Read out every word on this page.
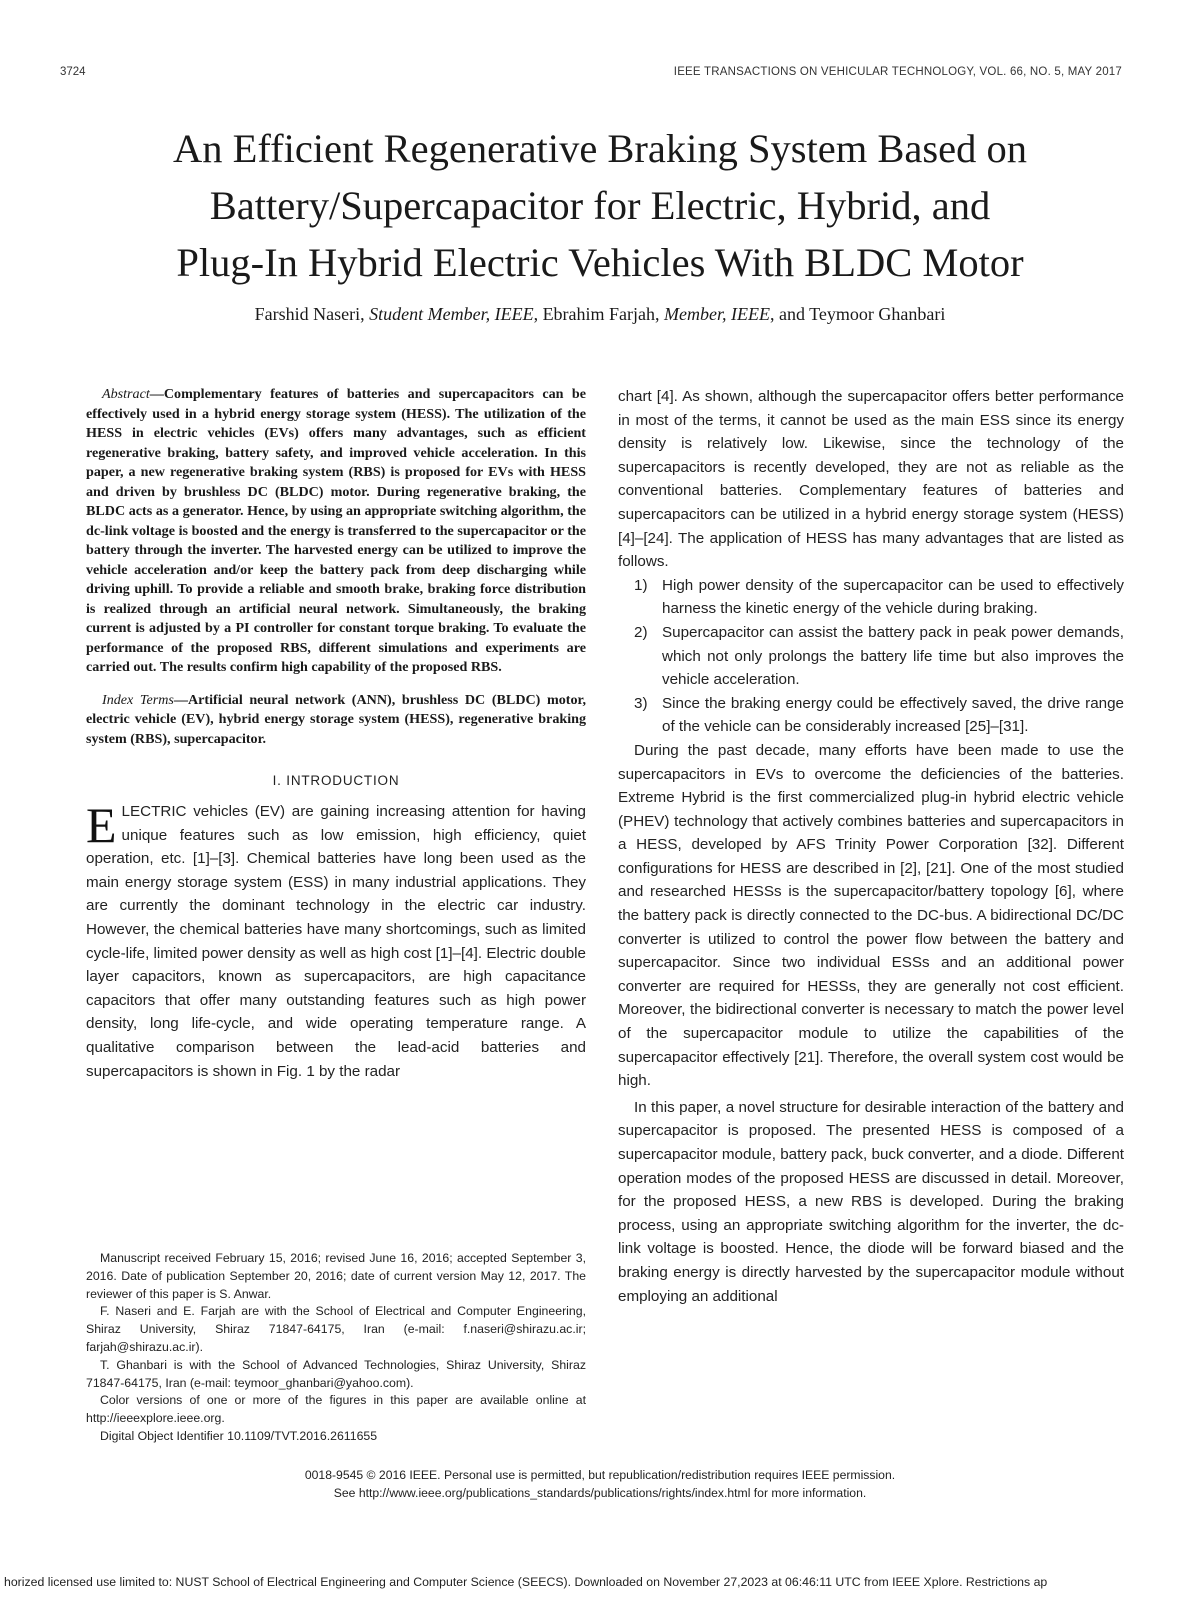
3724	IEEE TRANSACTIONS ON VEHICULAR TECHNOLOGY, VOL. 66, NO. 5, MAY 2017
An Efficient Regenerative Braking System Based on
Battery/Supercapacitor for Electric, Hybrid, and
Plug-In Hybrid Electric Vehicles With BLDC Motor
Farshid Naseri, Student Member, IEEE, Ebrahim Farjah, Member, IEEE, and Teymoor Ghanbari

Abstract—Complementary features of batteries and supercapacitors can be effectively used in a hybrid energy storage system (HESS). The utilization of the HESS in electric vehicles (EVs) offers many advantages, such as efficient regenerative braking, battery safety, and improved vehicle acceleration. In this paper, a new regenerative braking system (RBS) is proposed for EVs with HESS and driven by brushless DC (BLDC) motor. During regenerative braking, the BLDC acts as a generator. Hence, by using an appropriate switching algorithm, the dc-link voltage is boosted and the energy is transferred to the supercapacitor or the battery through the inverter. The harvested energy can be utilized to improve the vehicle acceleration and/or keep the battery pack from deep discharging while driving uphill. To provide a reliable and smooth brake, braking force distribution is realized through an artificial neural network. Simultaneously, the braking current is adjusted by a PI controller for constant torque braking. To evaluate the performance of the proposed RBS, different simulations and experiments are carried out. The results confirm high capability of the proposed RBS.

Index Terms—Artificial neural network (ANN), brushless DC (BLDC) motor, electric vehicle (EV), hybrid energy storage system (HESS), regenerative braking system (RBS), supercapacitor.

I. INTRODUCTION

ELECTRIC vehicles (EV) are gaining increasing attention for having unique features such as low emission, high efficiency, quiet operation, etc. [1]–[3]. Chemical batteries have long been used as the main energy storage system (ESS) in many industrial applications. They are currently the dominant technology in the electric car industry. However, the chemical batteries have many shortcomings, such as limited cycle-life, limited power density as well as high cost [1]–[4]. Electric double layer capacitors, known as supercapacitors, are high capacitance capacitors that offer many outstanding features such as high power density, long life-cycle, and wide operating temperature range. A qualitative comparison between the lead-acid batteries and supercapacitors is shown in Fig. 1 by the radar

Manuscript received February 15, 2016; revised June 16, 2016; accepted September 3, 2016. Date of publication September 20, 2016; date of current version May 12, 2017. The reviewer of this paper is S. Anwar.

F. Naseri and E. Farjah are with the School of Electrical and Computer Engineering, Shiraz University, Shiraz 71847-64175, Iran (e-mail: f.naseri@shirazu.ac.ir; farjah@shirazu.ac.ir).

T. Ghanbari is with the School of Advanced Technologies, Shiraz University, Shiraz 71847-64175, Iran (e-mail: teymoor_ghanbari@yahoo.com).

Color versions of one or more of the figures in this paper are available online at http://ieeexplore.ieee.org.

Digital Object Identifier 10.1109/TVT.2016.2611655

chart [4]. As shown, although the supercapacitor offers better performance in most of the terms, it cannot be used as the main ESS since its energy density is relatively low. Likewise, since the technology of the supercapacitors is recently developed, they are not as reliable as the conventional batteries. Complementary features of batteries and supercapacitors can be utilized in a hybrid energy storage system (HESS) [4]–[24]. The application of HESS has many advantages that are listed as follows.

1) High power density of the supercapacitor can be used to effectively harness the kinetic energy of the vehicle during braking.
2) Supercapacitor can assist the battery pack in peak power demands, which not only prolongs the battery life time but also improves the vehicle acceleration.
3) Since the braking energy could be effectively saved, the drive range of the vehicle can be considerably increased [25]–[31].

During the past decade, many efforts have been made to use the supercapacitors in EVs to overcome the deficiencies of the batteries. Extreme Hybrid is the first commercialized plug-in hybrid electric vehicle (PHEV) technology that actively combines batteries and supercapacitors in a HESS, developed by AFS Trinity Power Corporation [32]. Different configurations for HESS are described in [2], [21]. One of the most studied and researched HESSs is the supercapacitor/battery topology [6], where the battery pack is directly connected to the DC-bus. A bidirectional DC/DC converter is utilized to control the power flow between the battery and supercapacitor. Since two individual ESSs and an additional power converter are required for HESSs, they are generally not cost efficient. Moreover, the bidirectional converter is necessary to match the power level of the supercapacitor module to utilize the capabilities of the supercapacitor effectively [21]. Therefore, the overall system cost would be high.

In this paper, a novel structure for desirable interaction of the battery and supercapacitor is proposed. The presented HESS is composed of a supercapacitor module, battery pack, buck converter, and a diode. Different operation modes of the proposed HESS are discussed in detail. Moreover, for the proposed HESS, a new RBS is developed. During the braking process, using an appropriate switching algorithm for the inverter, the dc-link voltage is boosted. Hence, the diode will be forward biased and the braking energy is directly harvested by the supercapacitor module without employing an additional

0018-9545 © 2016 IEEE. Personal use is permitted, but republication/redistribution requires IEEE permission.
See http://www.ieee.org/publications_standards/publications/rights/index.html for more information.
horized licensed use limited to: NUST School of Electrical Engineering and Computer Science (SEECS). Downloaded on November 27,2023 at 06:46:11 UTC from IEEE Xplore. Restrictions ap
